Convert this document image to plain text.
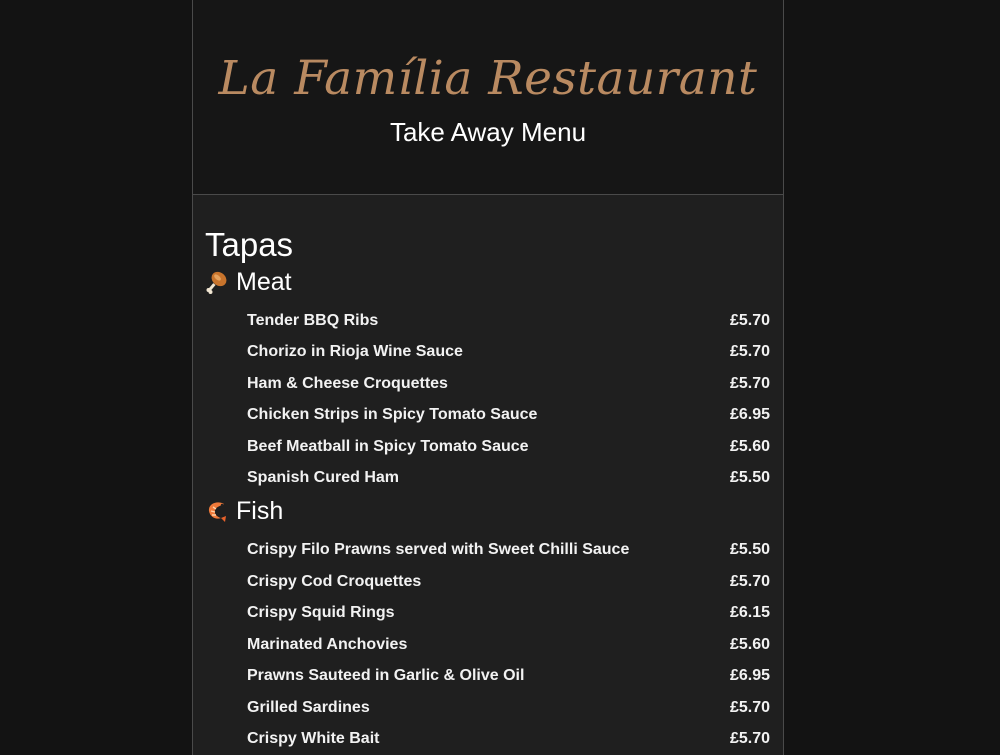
La Família Restaurant
Take Away Menu
Tapas
Meat
Tender BBQ Ribs	£5.70
Chorizo in Rioja Wine Sauce	£5.70
Ham & Cheese Croquettes	£5.70
Chicken Strips in Spicy Tomato Sauce	£6.95
Beef Meatball in Spicy Tomato Sauce	£5.60
Spanish Cured Ham	£5.50
Fish
Crispy Filo Prawns served with Sweet Chilli Sauce	£5.50
Crispy Cod Croquettes	£5.70
Crispy Squid Rings	£6.15
Marinated Anchovies	£5.60
Prawns Sauteed in Garlic & Olive Oil	£6.95
Grilled Sardines	£5.70
Crispy White Bait	£5.70
